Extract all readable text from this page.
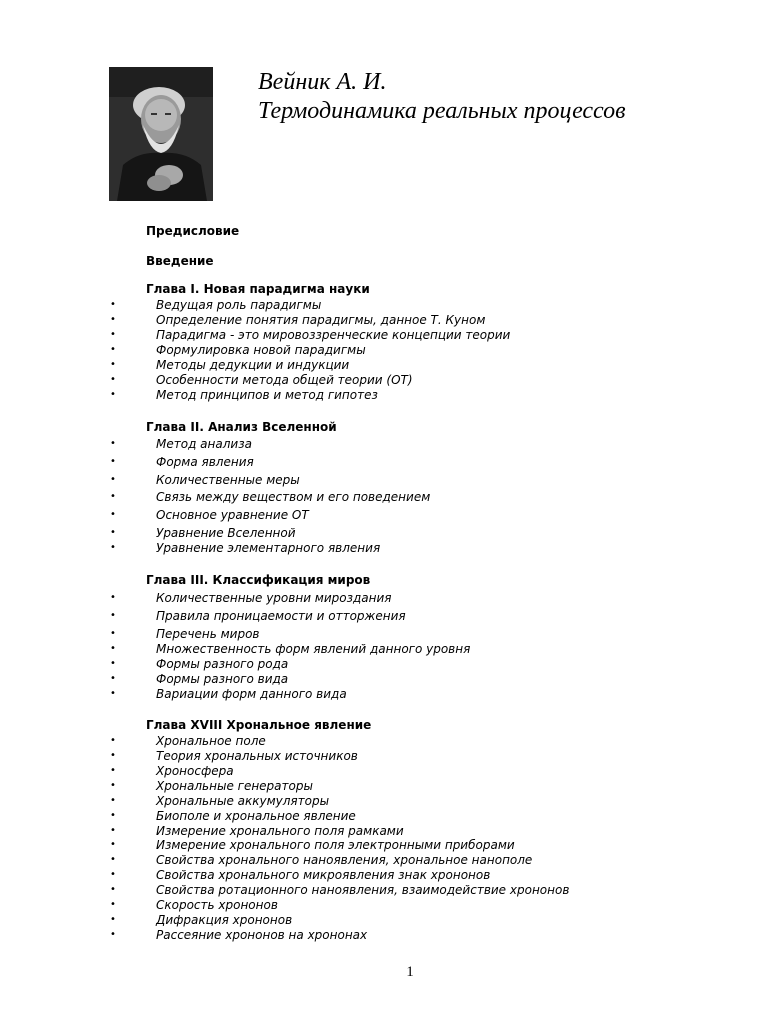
Вейник А. И.
Термодинамика реальных процессов
Предисловие
Введение
Глава I. Новая парадигма науки
•	Ведущая роль парадигмы
•	Определение понятия парадигмы, данное Т. Куном
•	Парадигма - это мировоззренческие концепции теории
•	Формулировка новой парадигмы
•	Методы дедукции и индукции
•	Особенности метода общей теории (ОТ)
•	Метод принципов и метод гипотез
Глава II. Анализ Вселенной
•	Метод анализа
•	Форма явления
•	Количественные меры
•	Связь между веществом и его поведением
•	Основное уравнение ОТ
•	Уравнение Вселенной
•	Уравнение элементарного явления
Глава III. Классификация миров
•	Количественные уровни мироздания
•	Правила проницаемости и отторжения
•	Перечень миров
•	Множественность форм явлений данного уровня
•	Формы разного рода
•	Формы разного вида
•	Вариации форм данного вида
Глава XVIII Хрональное явление
•	Хрональное поле
•	Теория хрональных источников
•	Хроносфера
•	Хрональные генераторы
•	Хрональные аккумуляторы
•	Биополе и хрональное явление
•	Измерение хронального поля рамками
•	Измерение хронального поля электронными приборами
•	Свойства хронального наноявления, хрональное нанополе
•	Свойства хронального микроявления знак хрононов
•	Свойства ротационного наноявления, взаимодействие хрононов
•	Скорость хрононов
•	Дифракция хрононов
•	Рассеяние хрононов на хрононах
1
